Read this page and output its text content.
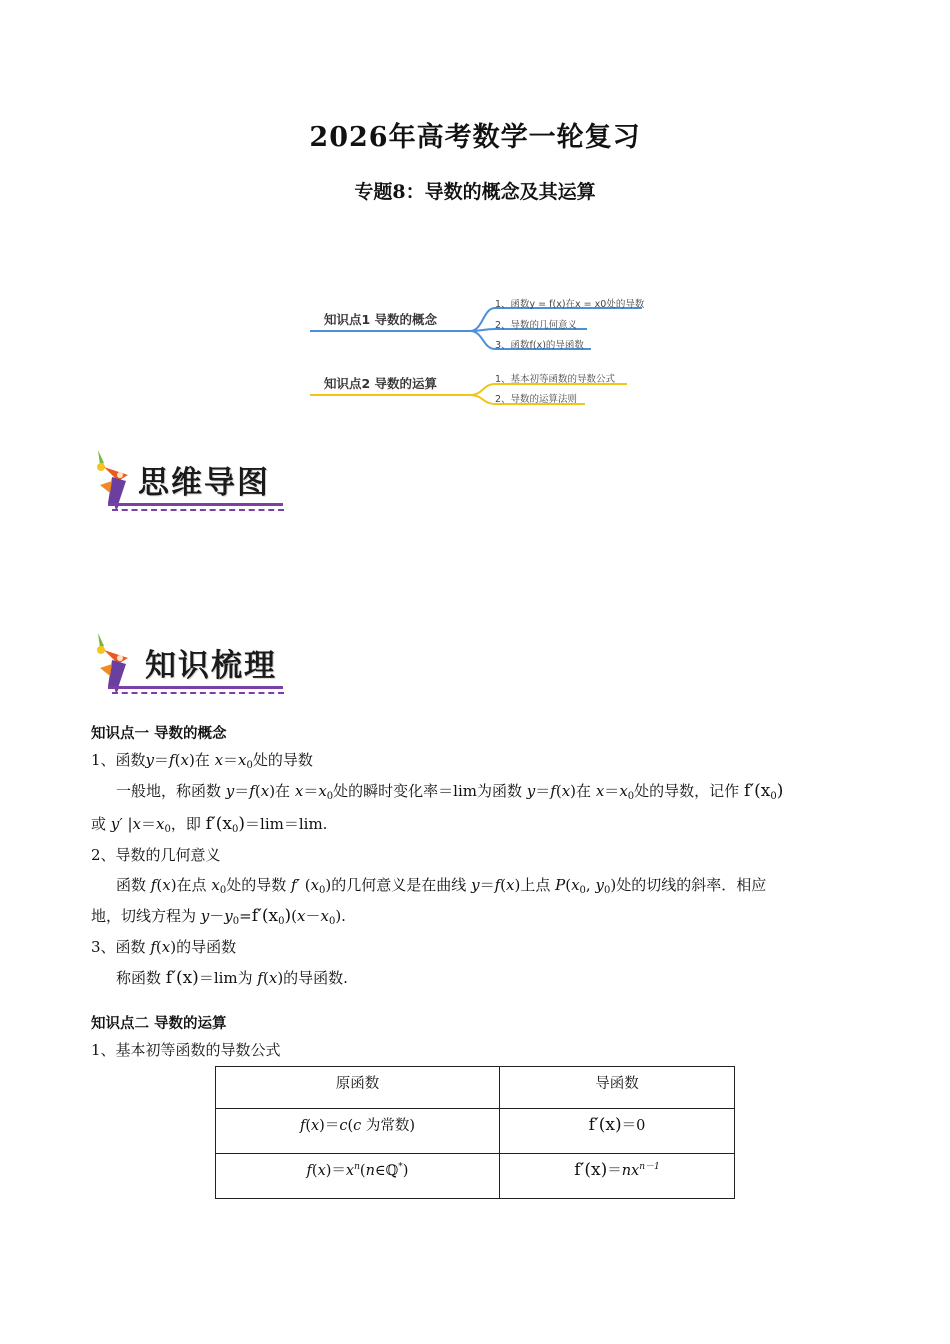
2026年高考数学一轮复习
专题8：导数的概念及其运算
知识点1 导数的概念
1、函数y = f(x)在x = x0处的导数
2、导数的几何意义
3、函数f(x)的导函数
知识点2 导数的运算	1、基本初等函数的导数公式
2、导数的运算法则
思维导图
知识梳理
知识点一 导数的概念
1、函数y＝f(x)在 $x=x_0$处的导数
一般地，称函数 y＝f(x)在 $x=x_0$处的瞬时变化率＝lim为函数 y＝f(x)在 $x=x_0$处的导数，记作 $f'(x_0)$
或 y′ $|x=x_0$，即 $f'(x_0)=\lim=\lim$.
2、导数的几何意义
函数 f(x)在点 $x_0$处的导数 f′ $(x_0)$的几何意义是在曲线 y＝f(x)上点 $P(x_0$, $y_0$)处的切线的斜率．相应
地，切线方程为 $y-y_0=f'(x_0)(x-x_0)$.
3、函数 f(x)的导函数
称函数 f′(x)＝lim为 f(x)的导函数.
知识点二 导数的运算
1、基本初等函数的导数公式
原函数	导函数
f(x)＝c(c 为常数)	f′(x)＝0
$f(x)=x^n(n\in ℚ^*)$	$f'(x)=nx^{n-1}$
